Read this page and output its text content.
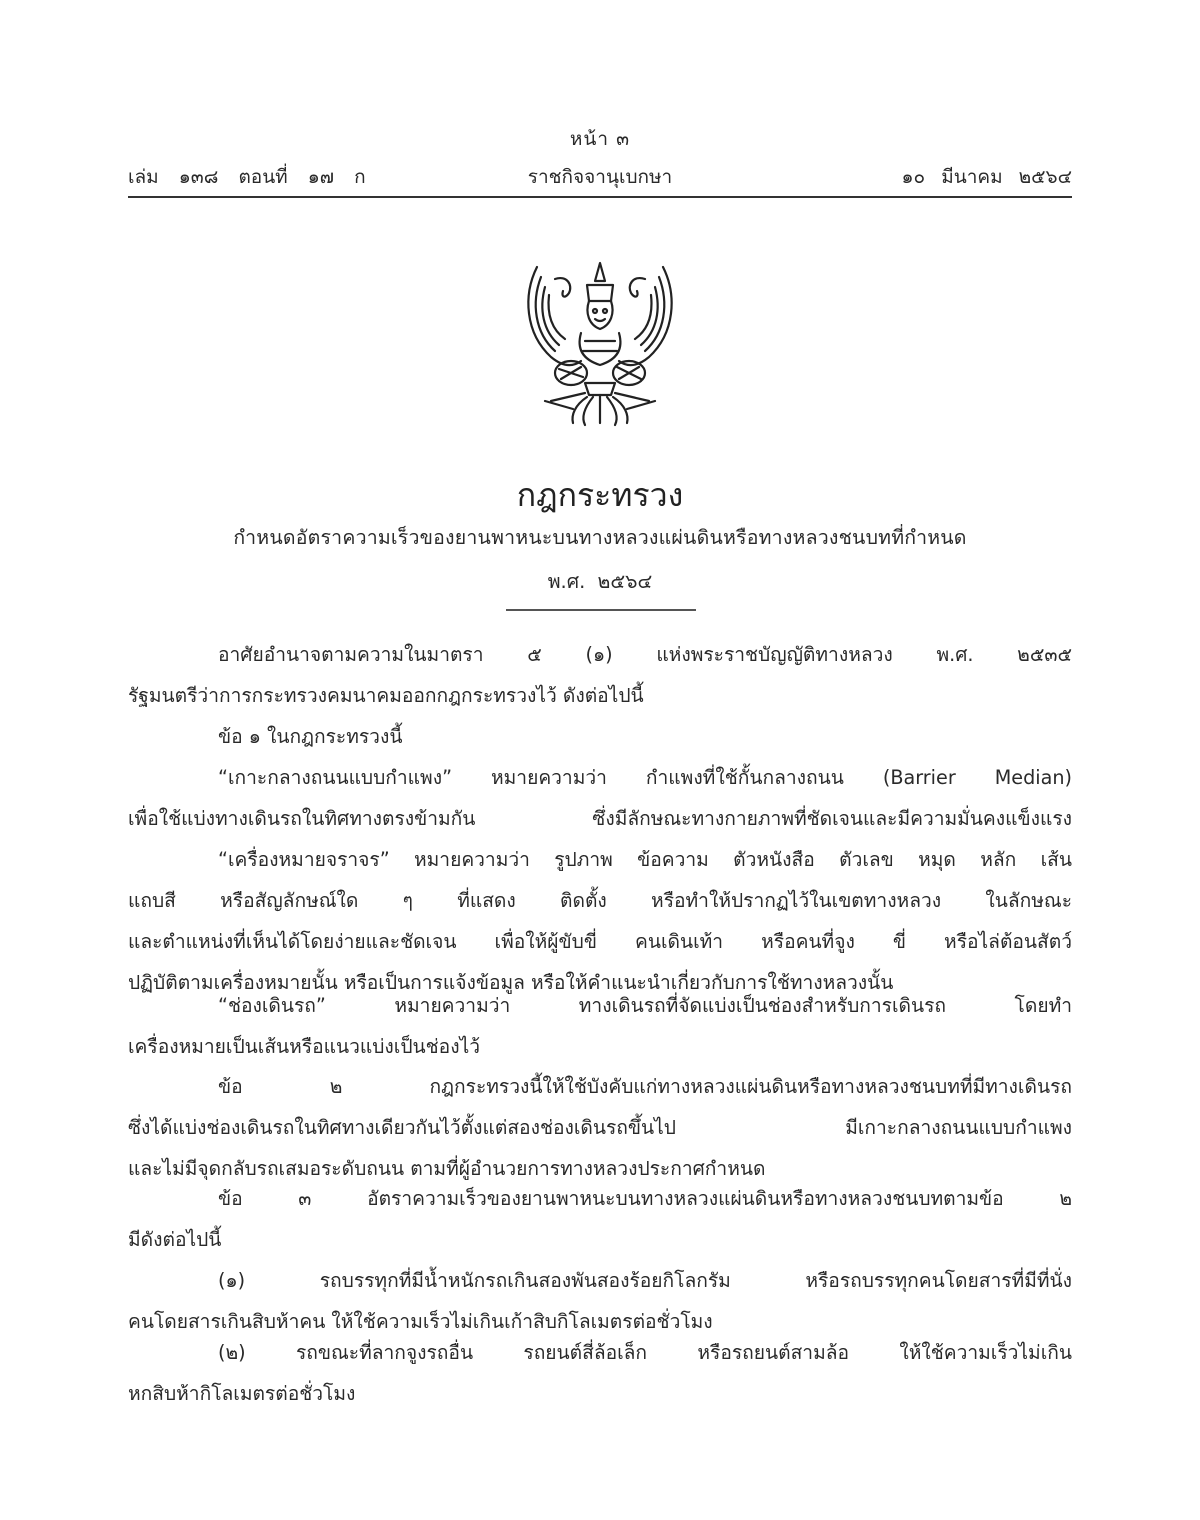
หน้า ๓
เล่ม ๑๓๘ ตอนที่ ๑๗ ก	ราชกิจจานุเบกษา	๑๐ มีนาคม ๒๕๖๔
กฎกระทรวง
กำหนดอัตราความเร็วของยานพาหนะบนทางหลวงแผ่นดินหรือทางหลวงชนบทที่กำหนด
พ.ศ. ๒๕๖๔
อาศัยอำนาจตามความในมาตรา ๕ (๑) แห่งพระราชบัญญัติทางหลวง พ.ศ. ๒๕๓๕
รัฐมนตรีว่าการกระทรวงคมนาคมออกกฎกระทรวงไว้ ดังต่อไปนี้
ข้อ ๑ ในกฎกระทรวงนี้
“เกาะกลางถนนแบบกำแพง” หมายความว่า กำแพงที่ใช้กั้นกลางถนน (Barrier Median)
เพื่อใช้แบ่งทางเดินรถในทิศทางตรงข้ามกัน ซึ่งมีลักษณะทางกายภาพที่ชัดเจนและมีความมั่นคงแข็งแรง
“เครื่องหมายจราจร” หมายความว่า รูปภาพ ข้อความ ตัวหนังสือ ตัวเลข หมุด หลัก เส้น
แถบสี หรือสัญลักษณ์ใด ๆ ที่แสดง ติดตั้ง หรือทำให้ปรากฏไว้ในเขตทางหลวง ในลักษณะ
และตำแหน่งที่เห็นได้โดยง่ายและชัดเจน เพื่อให้ผู้ขับขี่ คนเดินเท้า หรือคนที่จูง ขี่ หรือไล่ต้อนสัตว์
ปฏิบัติตามเครื่องหมายนั้น หรือเป็นการแจ้งข้อมูล หรือให้คำแนะนำเกี่ยวกับการใช้ทางหลวงนั้น
“ช่องเดินรถ” หมายความว่า ทางเดินรถที่จัดแบ่งเป็นช่องสำหรับการเดินรถ โดยทำ
เครื่องหมายเป็นเส้นหรือแนวแบ่งเป็นช่องไว้
ข้อ ๒ กฎกระทรวงนี้ให้ใช้บังคับแก่ทางหลวงแผ่นดินหรือทางหลวงชนบทที่มีทางเดินรถ
ซึ่งได้แบ่งช่องเดินรถในทิศทางเดียวกันไว้ตั้งแต่สองช่องเดินรถขึ้นไป มีเกาะกลางถนนแบบกำแพง
และไม่มีจุดกลับรถเสมอระดับถนน ตามที่ผู้อำนวยการทางหลวงประกาศกำหนด
ข้อ ๓ อัตราความเร็วของยานพาหนะบนทางหลวงแผ่นดินหรือทางหลวงชนบทตามข้อ ๒
มีดังต่อไปนี้
(๑) รถบรรทุกที่มีน้ำหนักรถเกินสองพันสองร้อยกิโลกรัม หรือรถบรรทุกคนโดยสารที่มีที่นั่ง
คนโดยสารเกินสิบห้าคน ให้ใช้ความเร็วไม่เกินเก้าสิบกิโลเมตรต่อชั่วโมง
(๒) รถขณะที่ลากจูงรถอื่น รถยนต์สี่ล้อเล็ก หรือรถยนต์สามล้อ ให้ใช้ความเร็วไม่เกิน
หกสิบห้ากิโลเมตรต่อชั่วโมง
